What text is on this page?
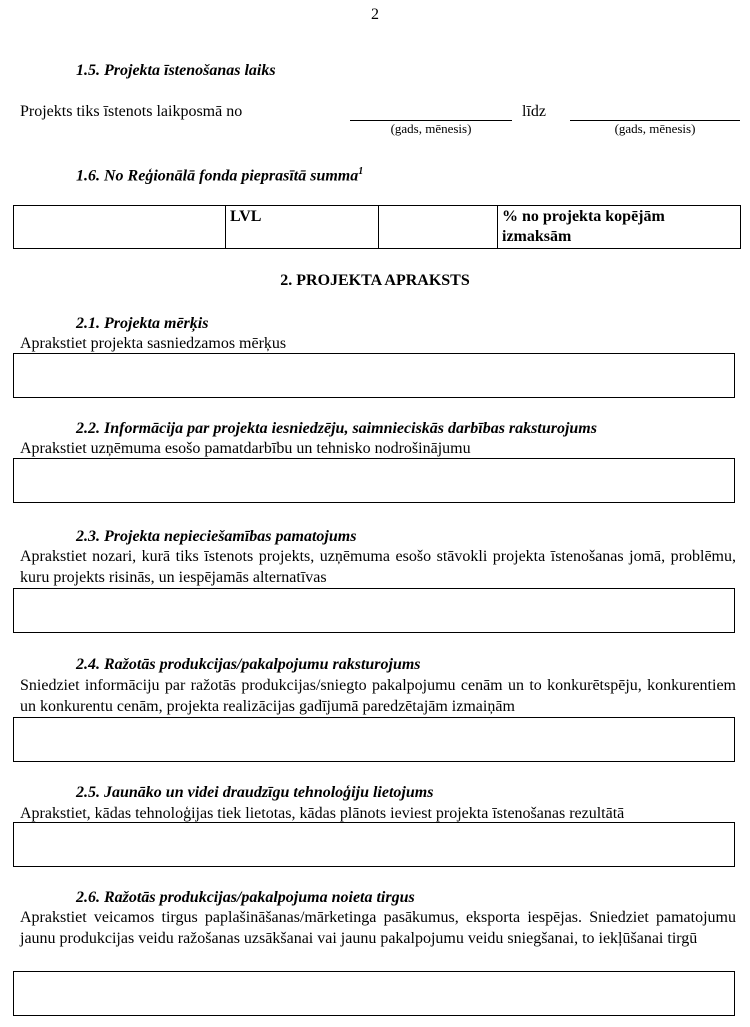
2
1.5. Projekta īstenošanas laiks
Projekts tiks īstenots laikposmā no
(gads, mēnesis)
līdz
(gads, mēnesis)
1.6. No Reģionālā fonda pieprasītā summa$^1$
	LVL		% no projekta kopējām izmaksām
2. PROJEKTA APRAKSTS
2.1. Projekta mērķis
Aprakstiet projekta sasniedzamos mērķus
2.2. Informācija par projekta iesniedzēju, saimnieciskās darbības raksturojums
Aprakstiet uzņēmuma esošo pamatdarbību un tehnisko nodrošinājumu
2.3. Projekta nepieciešamības pamatojums
Aprakstiet nozari, kurā tiks īstenots projekts, uzņēmuma esošo stāvokli projekta īstenošanas jomā, problēmu, kuru projekts risinās, un iespējamās alternatīvas
2.4. Ražotās produkcijas/pakalpojumu raksturojums
Sniedziet informāciju par ražotās produkcijas/sniegto pakalpojumu cenām un to konkurētspēju, konkurentiem un konkurentu cenām, projekta realizācijas gadījumā paredzētajām izmaiņām
2.5. Jaunāko un videi draudzīgu tehnoloģiju lietojums
Aprakstiet, kādas tehnoloģijas tiek lietotas, kādas plānots ieviest projekta īstenošanas rezultātā
2.6. Ražotās produkcijas/pakalpojuma noieta tirgus
Aprakstiet veicamos tirgus paplašināšanas/mārketinga pasākumus, eksporta iespējas. Sniedziet pamatojumu jaunu produkcijas veidu ražošanas uzsākšanai vai jaunu pakalpojumu veidu sniegšanai, to iekļūšanai tirgū
